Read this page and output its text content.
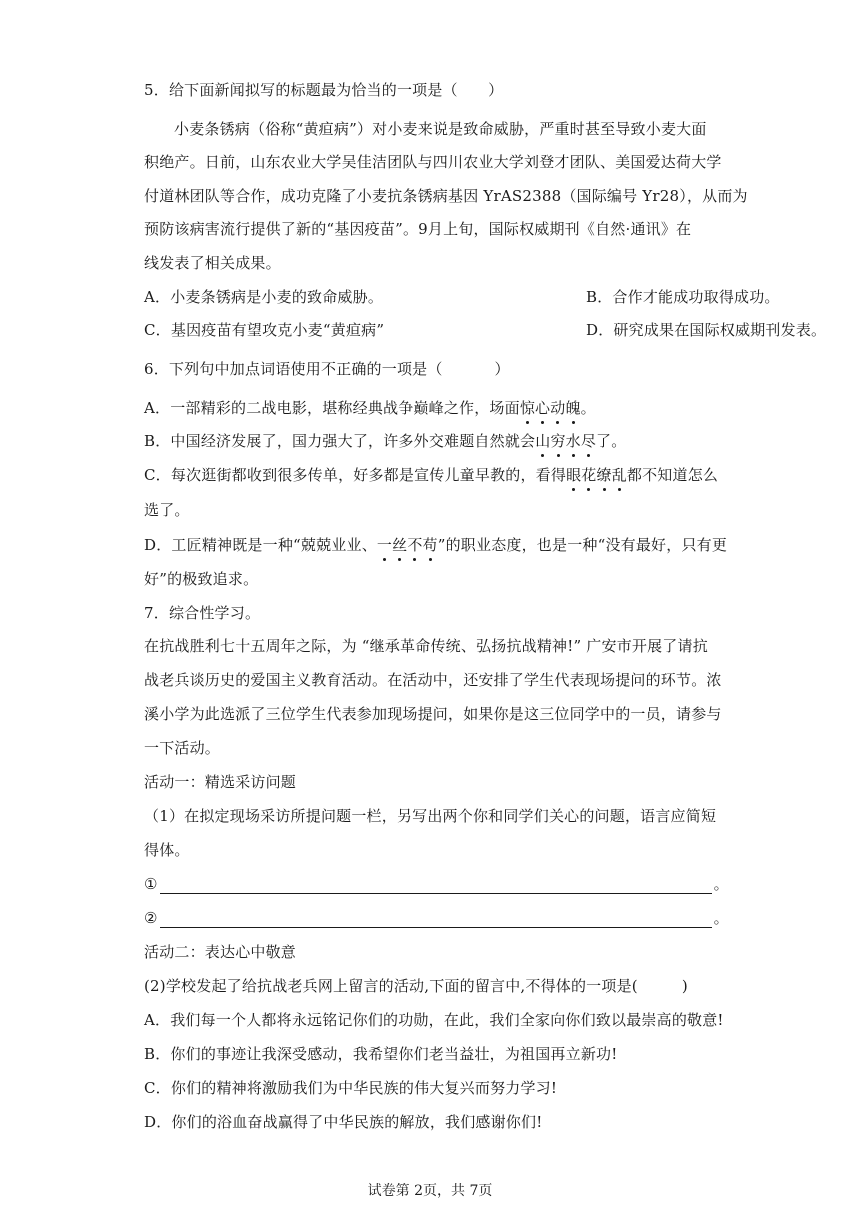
5．给下面新闻拟写的标题最为恰当的一项是（　　）
小麦条锈病（俗称“黄疸病”）对小麦来说是致命威胁，严重时甚至导致小麦大面
积绝产。日前，山东农业大学吴佳洁团队与四川农业大学刘登才团队、美国爱达荷大学
付道林团队等合作，成功克隆了小麦抗条锈病基因 YrAS2388（国际编号 Yr28），从而为
预防该病害流行提供了新的“基因疫苗”。9月上旬，国际权威期刊《自然·通讯》在
线发表了相关成果。
A．小麦条锈病是小麦的致命威胁。	B．合作才能成功取得成功。
C．基因疫苗有望攻克小麦“黄疸病”	D．研究成果在国际权威期刊发表。
6．下列句中加点词语使用不正确的一项是（	）
A．一部精彩的二战电影，堪称经典战争巅峰之作，场面惊心动魄。
B．中国经济发展了，国力强大了，许多外交难题自然就会山穷水尽了。
C．每次逛街都收到很多传单，好多都是宣传儿童早教的，看得眼花缭乱都不知道怎么
选了。
D．工匠精神既是一种“兢兢业业、一丝不苟”的职业态度，也是一种“没有最好，只有更
好”的极致追求。
7．综合性学习。
在抗战胜利七十五周年之际，为 “继承革命传统、弘扬抗战精神!” 广安市开展了请抗
战老兵谈历史的爱国主义教育活动。在活动中，还安排了学生代表现场提问的环节。浓
溪小学为此选派了三位学生代表参加现场提问，如果你是这三位同学中的一员，请参与
一下活动。
活动一：精选采访问题
（1）在拟定现场采访所提问题一栏，另写出两个你和同学们关心的问题，语言应简短
得体。
①	。
②	。
活动二：表达心中敬意
(2)学校发起了给抗战老兵网上留言的活动,下面的留言中,不得体的一项是(	)
A．我们每一个人都将永远铭记你们的功勋，在此，我们全家向你们致以最崇高的敬意!
B．你们的事迹让我深受感动，我希望你们老当益壮，为祖国再立新功!
C．你们的精神将激励我们为中华民族的伟大复兴而努力学习!
D．你们的浴血奋战赢得了中华民族的解放，我们感谢你们!
试卷第 2页，共 7页
